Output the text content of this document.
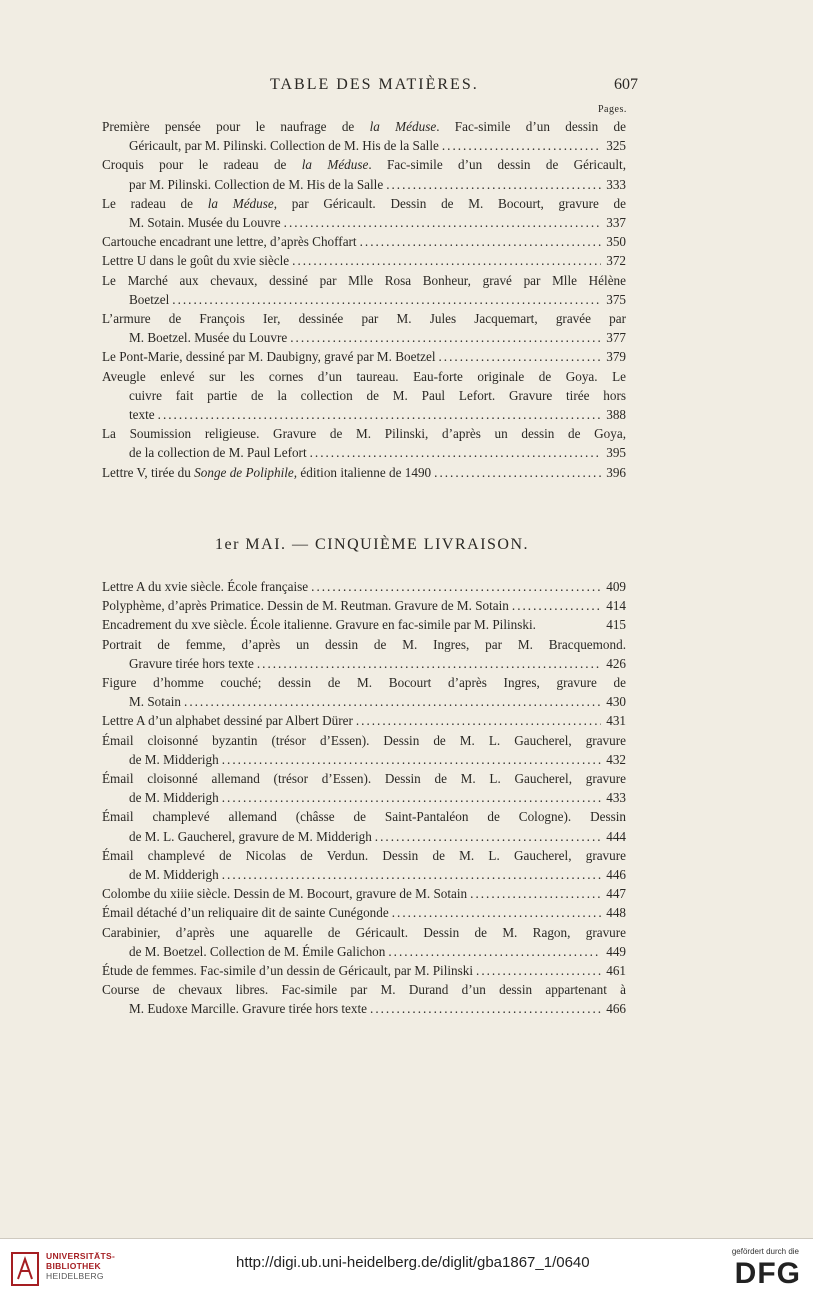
TABLE DES MATIÈRES.	607
Pages.
Première pensée pour le naufrage de la Méduse. Fac-simile d’un dessin de
Géricault, par M. Pilinski. Collection de M. His de la Salle .....	325
Croquis pour le radeau de la Méduse. Fac-simile d’un dessin de Géricault,
par M. Pilinski. Collection de M. His de la Salle .....	333
Le radeau de la Méduse, par Géricault. Dessin de M. Bocourt, gravure de
M. Sotain. Musée du Louvre .....	337
Cartouche encadrant une lettre, d’après Choffart .....	350
Lettre U dans le goût du xvie siècle .....	372
Le Marché aux chevaux, dessiné par Mlle Rosa Bonheur, gravé par Mlle Hélène
Boetzel .....	375
L’armure de François Ier, dessinée par M. Jules Jacquemart, gravée par
M. Boetzel. Musée du Louvre .....	377
Le Pont-Marie, dessiné par M. Daubigny, gravé par M. Boetzel .....	379
Aveugle enlevé sur les cornes d’un taureau. Eau-forte originale de Goya. Le
cuivre fait partie de la collection de M. Paul Lefort. Gravure tirée hors
texte .....	388
La Soumission religieuse. Gravure de M. Pilinski, d’après un dessin de Goya,
de la collection de M. Paul Lefort .....	395
Lettre V, tirée du Songe de Poliphile, édition italienne de 1490 .....	396
1er MAI. — CINQUIÈME LIVRAISON.
Lettre A du xvie siècle. École française .....	409
Polyphème, d’après Primatice. Dessin de M. Reutman. Gravure de M. Sotain .....	414
Encadrement du xve siècle. École italienne. Gravure en fac-simile par M. Pilinski.	415
Portrait de femme, d’après un dessin de M. Ingres, par M. Bracquemond.
Gravure tirée hors texte .....	426
Figure d’homme couché; dessin de M. Bocourt d’après Ingres, gravure de
M. Sotain .....	430
Lettre A d’un alphabet dessiné par Albert Dürer .....	431
Émail cloisonné byzantin (trésor d’Essen). Dessin de M. L. Gaucherel, gravure
de M. Midderigh .....	432
Émail cloisonné allemand (trésor d’Essen). Dessin de M. L. Gaucherel, gravure
de M. Midderigh .....	433
Émail champlevé allemand (châsse de Saint-Pantaléon de Cologne). Dessin
de M. L. Gaucherel, gravure de M. Midderigh .....	444
Émail champlevé de Nicolas de Verdun. Dessin de M. L. Gaucherel, gravure
de M. Midderigh .....	446
Colombe du xiiie siècle. Dessin de M. Bocourt, gravure de M. Sotain .....	447
Émail détaché d’un reliquaire dit de sainte Cunégonde .....	448
Carabinier, d’après une aquarelle de Géricault. Dessin de M. Ragon, gravure
de M. Boetzel. Collection de M. Émile Galichon .....	449
Étude de femmes. Fac-simile d’un dessin de Géricault, par M. Pilinski .....	461
Course de chevaux libres. Fac-simile par M. Durand d’un dessin appartenant à
M. Eudoxe Marcille. Gravure tirée hors texte .....	466
UNIVERSITÄTS-
BIBLIOTHEK
HEIDELBERG
http://digi.ub.uni-heidelberg.de/diglit/gba1867_1/0640
gefördert durch die
DFG
